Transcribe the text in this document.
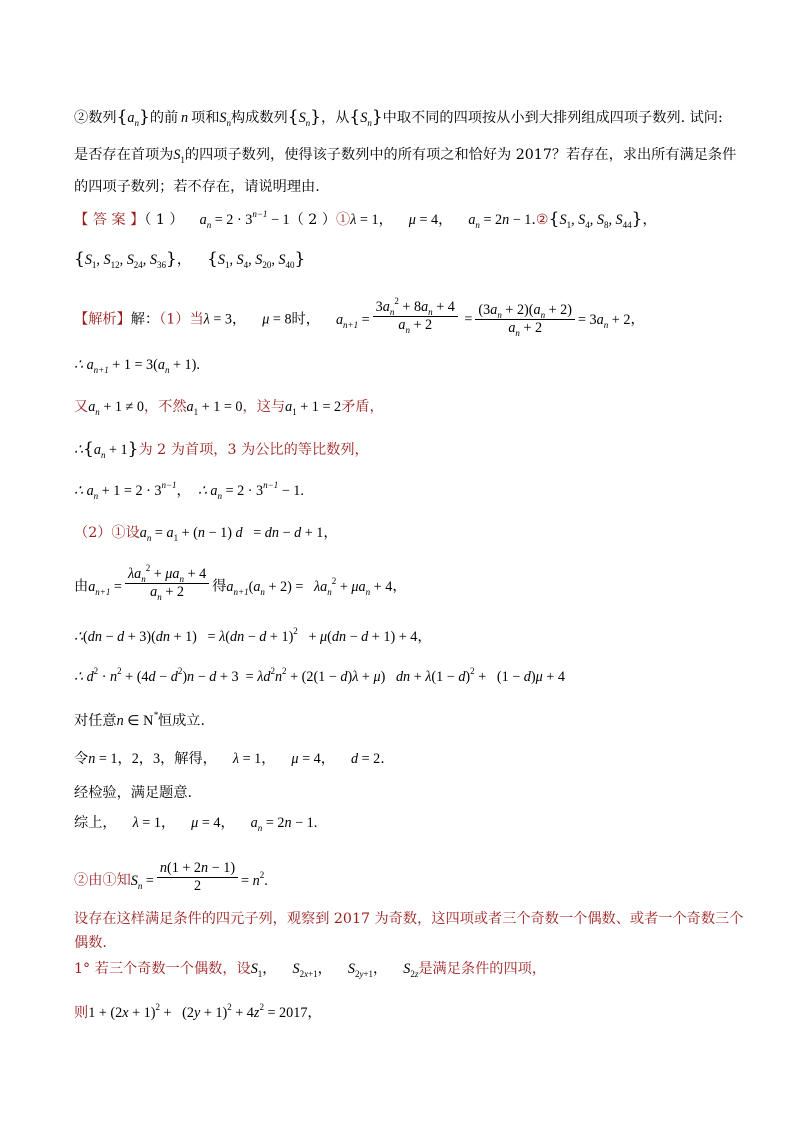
②数列$\{a_n\}$的前 n 项和$S_n$构成数列$\{S_n\}$，从$\{S_n\}$中取不同的四项按从小到大排列组成四项子数列. 试问:
是否存在首项为$S_1$的四项子数列，使得该子数列中的所有项之和恰好为 2017？若存在，求出所有满足条件
的四项子数列；若不存在，请说明理由.
【 答 案 】（ 1 ） $a_n = 2 \cdot 3^{n-1} - 1$（ 2 ）①λ = 1， μ = 4， $a_n = 2n$ − $1.②\{S_1$, $S_4$, $S_8$, $S_{44}$}，
{$S_1$, $S_{12}$, $S_{24}$, $S_{36}$}， {$S_1$, $S_4$, $S_{20}$, $S_{40}$}
【解析】解：（1）当λ = 3， μ = 8时， $a_{n+1} = \frac{3a_n^2 + 8a_n + 4}{a_n + 2} = \frac{(3a_n + 2)(a_n + 2)}{a_n + 2} = 3a_n + 2$，
∴ $a_{n+1} + 1 = 3(a_n + 1)$.
又$a_n + 1 \ne 0$，不然$a_1 + 1 = 0$，这与$a_1 + 1 = 2$矛盾，
$\therefore\{a_n + 1\}$为 2 为首项，3 为公比的等比数列，
∴ $a_n + 1 = 2 \cdot 3^{n-1}$，  ∴ $a_n = 2 \cdot 3^{n-1} - 1$.
（2）①设$a_n = a_1 + (n - 1) d$   = dn − d + 1，
由$a_{n+1} = \frac{\lambda a_n^2 + \mu a_n + 4}{a_n + 2}$ 得$a_{n+1}(a_n + 2) = \lambda a_n^2 + \mu a_n + 4$，
∴(dn − d + 3)(dn + 1)   = λ(dn − d + 1)$^2$   + μ(dn − d + 1) + 4，
∴ $d^2 \cdot n^2 + (4d - d^2)n - d + 3 = \lambda d^2n^2 + (2(1 - d)\lambda + \mu)$   dn + $\lambda(1 - d)^2 + (1 - d)\mu + 4$
对任意n ∈ N*恒成立.
令n = 1，2，3，解得， λ = 1， μ = 4， d = 2.
经检验，满足题意.
综上， λ = 1， μ = 4， $a_n = 2n - 1$.
②由①知$S_n = \frac{n(1 + 2n - 1)}{2} = n^2$.
设存在这样满足条件的四元子列，观察到 2017 为奇数，这四项或者三个奇数一个偶数、或者一个奇数三个
偶数.
1° 若三个奇数一个偶数，设$S_1$， $S_{2x+1}$， $S_{2y+1}$， $S_{2z}$是满足条件的四项，
则$1 + (2x + 1)^2 + (2y + 1)^2 + 4z^2 = 2017$，
